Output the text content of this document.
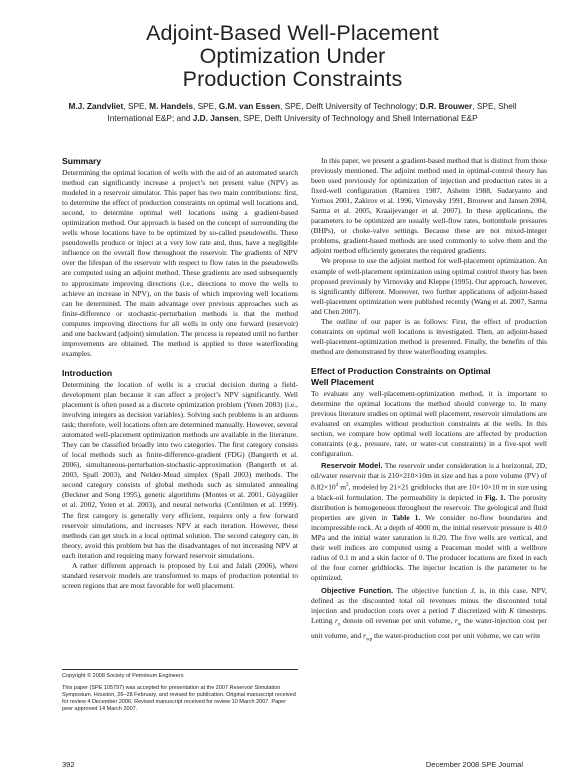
Adjoint-Based Well-Placement
Optimization Under
Production Constraints
M.J. Zandvliet, SPE, M. Handels, SPE, G.M. van Essen, SPE, Delft University of Technology; D.R. Brouwer, SPE, Shell International E&P; and J.D. Jansen, SPE, Delft University of Technology and Shell International E&P
Summary

Determining the optimal location of wells with the aid of an automated search method can significantly increase a project’s net present value (NPV) as modeled in a reservoir simulator. This paper has two main contributions: first, to determine the effect of production constraints on optimal well locations and, second, to determine optimal well locations using a gradient-based optimization method. Our approach is based on the concept of surrounding the wells whose locations have to be optimized by so-called pseudowells. These pseudowells produce or inject at a very low rate and, thus, have a negligible influence on the overall flow throughout the reservoir. The gradients of NPV over the lifespan of the reservoir with respect to flow rates in the pseudowells are computed using an adjoint method. These gradients are used subsequently to approximate improving directions (i.e., directions to move the wells to achieve an increase in NPV), on the basis of which improving well locations can be determined. The main advantage over previous approaches such as finite-difference or stochastic-perturbation methods is that the method computes improving directions for all wells in only one forward (reservoir) and one backward (adjoint) simulation. The process is repeated until no further improvements are obtained. The method is applied to three waterflooding examples.

Introduction

Determining the location of wells is a crucial decision during a field-development plan because it can affect a project’s NPV significantly. Well placement is often posed as a discrete optimization problem (Yeten 2003) (i.e., involving integers as decision variables). Solving such problems is an arduous task; therefore, well locations often are determined manually. However, several automated well-placement optimization methods are available in the literature. They can be classified broadly into two categories. The first category consists of local methods such as finite-difference-gradient (FDG) (Bangerth et al. 2006), simultaneous-perturbation-stochastic-approximation (Bangerth et al. 2003, Spall 2003), and Nelder-Mead simplex (Spall 2003) methods. The second category consists of global methods such as simulated annealing (Beckner and Song 1995), genetic algorithms (Montes et al. 2001, Güyagüler et al. 2002, Yeten et al. 2003), and neural networks (Centilmen et al. 1999). The first category is generally very efficient, requires only a few forward reservoir simulations, and increases NPV at each iteration. However, these methods can get stuck in a local optimal solution. The second category can, in theory, avoid this problem but has the disadvantages of not increasing NPV at each iteration and requiring many forward reservoir simulations.

A rather different approach is proposed by Lui and Jalali (2006), where standard reservoir models are transformed to maps of production potential to screen regions that are most favorable for well placement.

In this paper, we present a gradient-based method that is distinct from those previously mentioned. The adjoint method used in optimal-control theory has been used previously for optimization of injection and production rates in a fixed-well configuration (Ramirez 1987, Asheim 1988, Sudaryanto and Yortsos 2001, Zakirov et al. 1996, Virnovsky 1991, Brouwer and Jansen 2004, Sarma et al. 2005, Kraaijevanger et al. 2007). In these applications, the parameters to be optimized are usually well-flow rates, bottomhole pressures (BHPs), or choke-valve settings. Because these are not mixed-integer problems, gradient-based methods are used commonly to solve them and the adjoint method efficiently generates the required gradients.

We propose to use the adjoint method for well-placement optimization. An example of well-placement optimization using optimal control theory has been proposed previously by Virnovsky and Kleppe (1995). Our approach, however, is significantly different. Moreover, two further applications of adjoint-based well-placement optimization were published recently (Wang et al. 2007, Sarma and Chen 2007).

The outline of our paper is as follows: First, the effect of production constraints on optimal well locations is investigated. Then, an adjoint-based well-placement-optimization method is presented. Finally, the benefits of this method are demonstrated by three waterflooding examples.

Effect of Production Constraints on Optimal
Well Placement

To evaluate any well-placement-optimization method, it is important to determine the optimal locations the method should converge to. In many previous literature studies on optimal well placement, reservoir simulations are evaluated on examples without production constraints at the wells. In this section, we compare how optimal well locations are affected by production constraints (e.g., pressure, rate, or water-cut constraints) in a five-spot well configuration.

Reservoir Model. The reservoir under consideration is a horizontal, 2D, oil/water reservoir that is 210×210×10m in size and has a pore volume (PV) of $8.82\times 10^4$ $m^3$, modeled by 21×21 gridblocks that are 10×10×10 m in size using a black-oil formulation. The permeability is depicted in Fig. 1. The porosity distribution is homogeneous throughout the reservoir. The geological and fluid properties are given in Table 1. We consider no-flow boundaries and incompressible rock. At a depth of 4000 m, the initial reservoir pressure is 40.0 MPa and the initial water saturation is 0.20. The five wells are vertical, and their well indices are computed using a Peaceman model with a wellbore radius of 0.1 m and a skin factor of 0. The producer locations are fixed in each of the four corner gridblocks. The injector location is the parameter to be optimized.

Objective Function. The objective function J, is, in this case, NPV, defined as the discounted total oil revenues minus the discounted total injection and production costs over a period T discretized with K timesteps. Letting $r_o$ denote oil revenue per unit volume, $r_w$ the water-injection cost per unit volume, and $r_{wp}$ the water-production cost per unit volume, we can write

Copyright © 2008 Society of Petroleum Engineers

This paper (SPE 105797) was accepted for presentation at the 2007 Reservoir Simulation Symposium, Houston, 26–28 February, and revised for publication. Original manuscript received for review 4 December 2006. Revised manuscript received for review 10 March 2007. Paper peer approved 14 March 2007.

392	December 2008 SPE Journal
